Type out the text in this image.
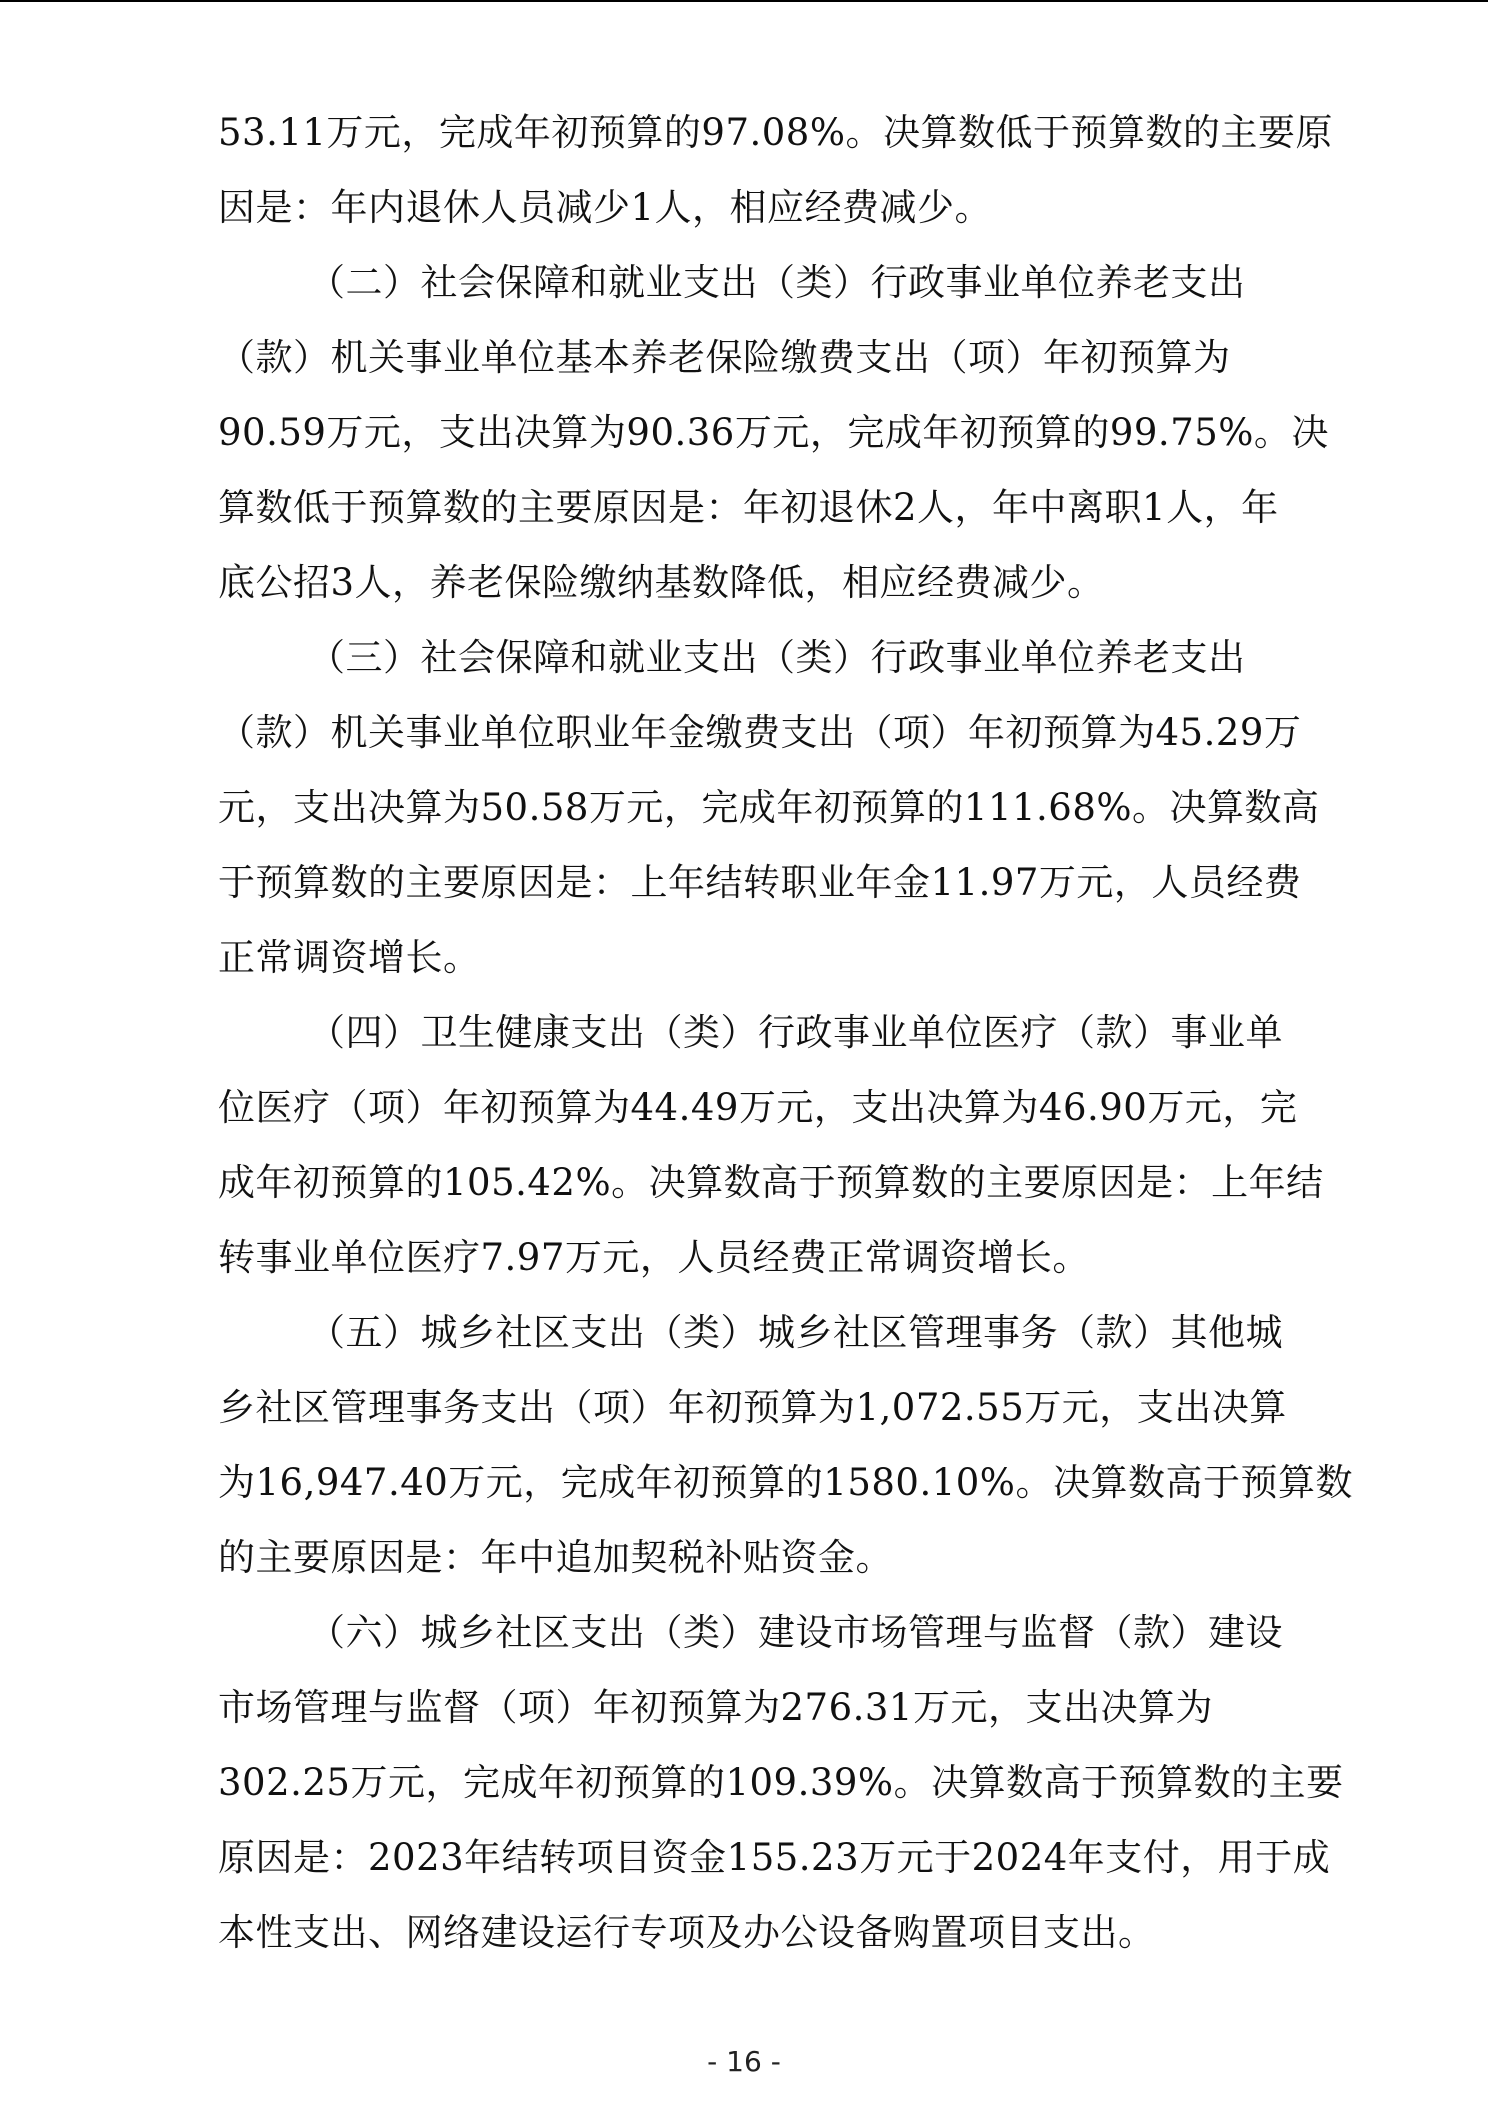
53.11万元，完成年初预算的97.08%。决算数低于预算数的主要原
因是：年内退休人员减少1人，相应经费减少。
（二）社会保障和就业支出（类）行政事业单位养老支出
（款）机关事业单位基本养老保险缴费支出（项）年初预算为
90.59万元，支出决算为90.36万元，完成年初预算的99.75%。决
算数低于预算数的主要原因是：年初退休2人，年中离职1人，年
底公招3人，养老保险缴纳基数降低，相应经费减少。
（三）社会保障和就业支出（类）行政事业单位养老支出
（款）机关事业单位职业年金缴费支出（项）年初预算为45.29万
元，支出决算为50.58万元，完成年初预算的111.68%。决算数高
于预算数的主要原因是：上年结转职业年金11.97万元，人员经费
正常调资增长。
（四）卫生健康支出（类）行政事业单位医疗（款）事业单
位医疗（项）年初预算为44.49万元，支出决算为46.90万元，完
成年初预算的105.42%。决算数高于预算数的主要原因是：上年结
转事业单位医疗7.97万元，人员经费正常调资增长。
（五）城乡社区支出（类）城乡社区管理事务（款）其他城
乡社区管理事务支出（项）年初预算为1,072.55万元，支出决算
为16,947.40万元，完成年初预算的1580.10%。决算数高于预算数
的主要原因是：年中追加契税补贴资金。
（六）城乡社区支出（类）建设市场管理与监督（款）建设
市场管理与监督（项）年初预算为276.31万元，支出决算为
302.25万元，完成年初预算的109.39%。决算数高于预算数的主要
原因是：2023年结转项目资金155.23万元于2024年支付，用于成
本性支出、网络建设运行专项及办公设备购置项目支出。
- 16 -
